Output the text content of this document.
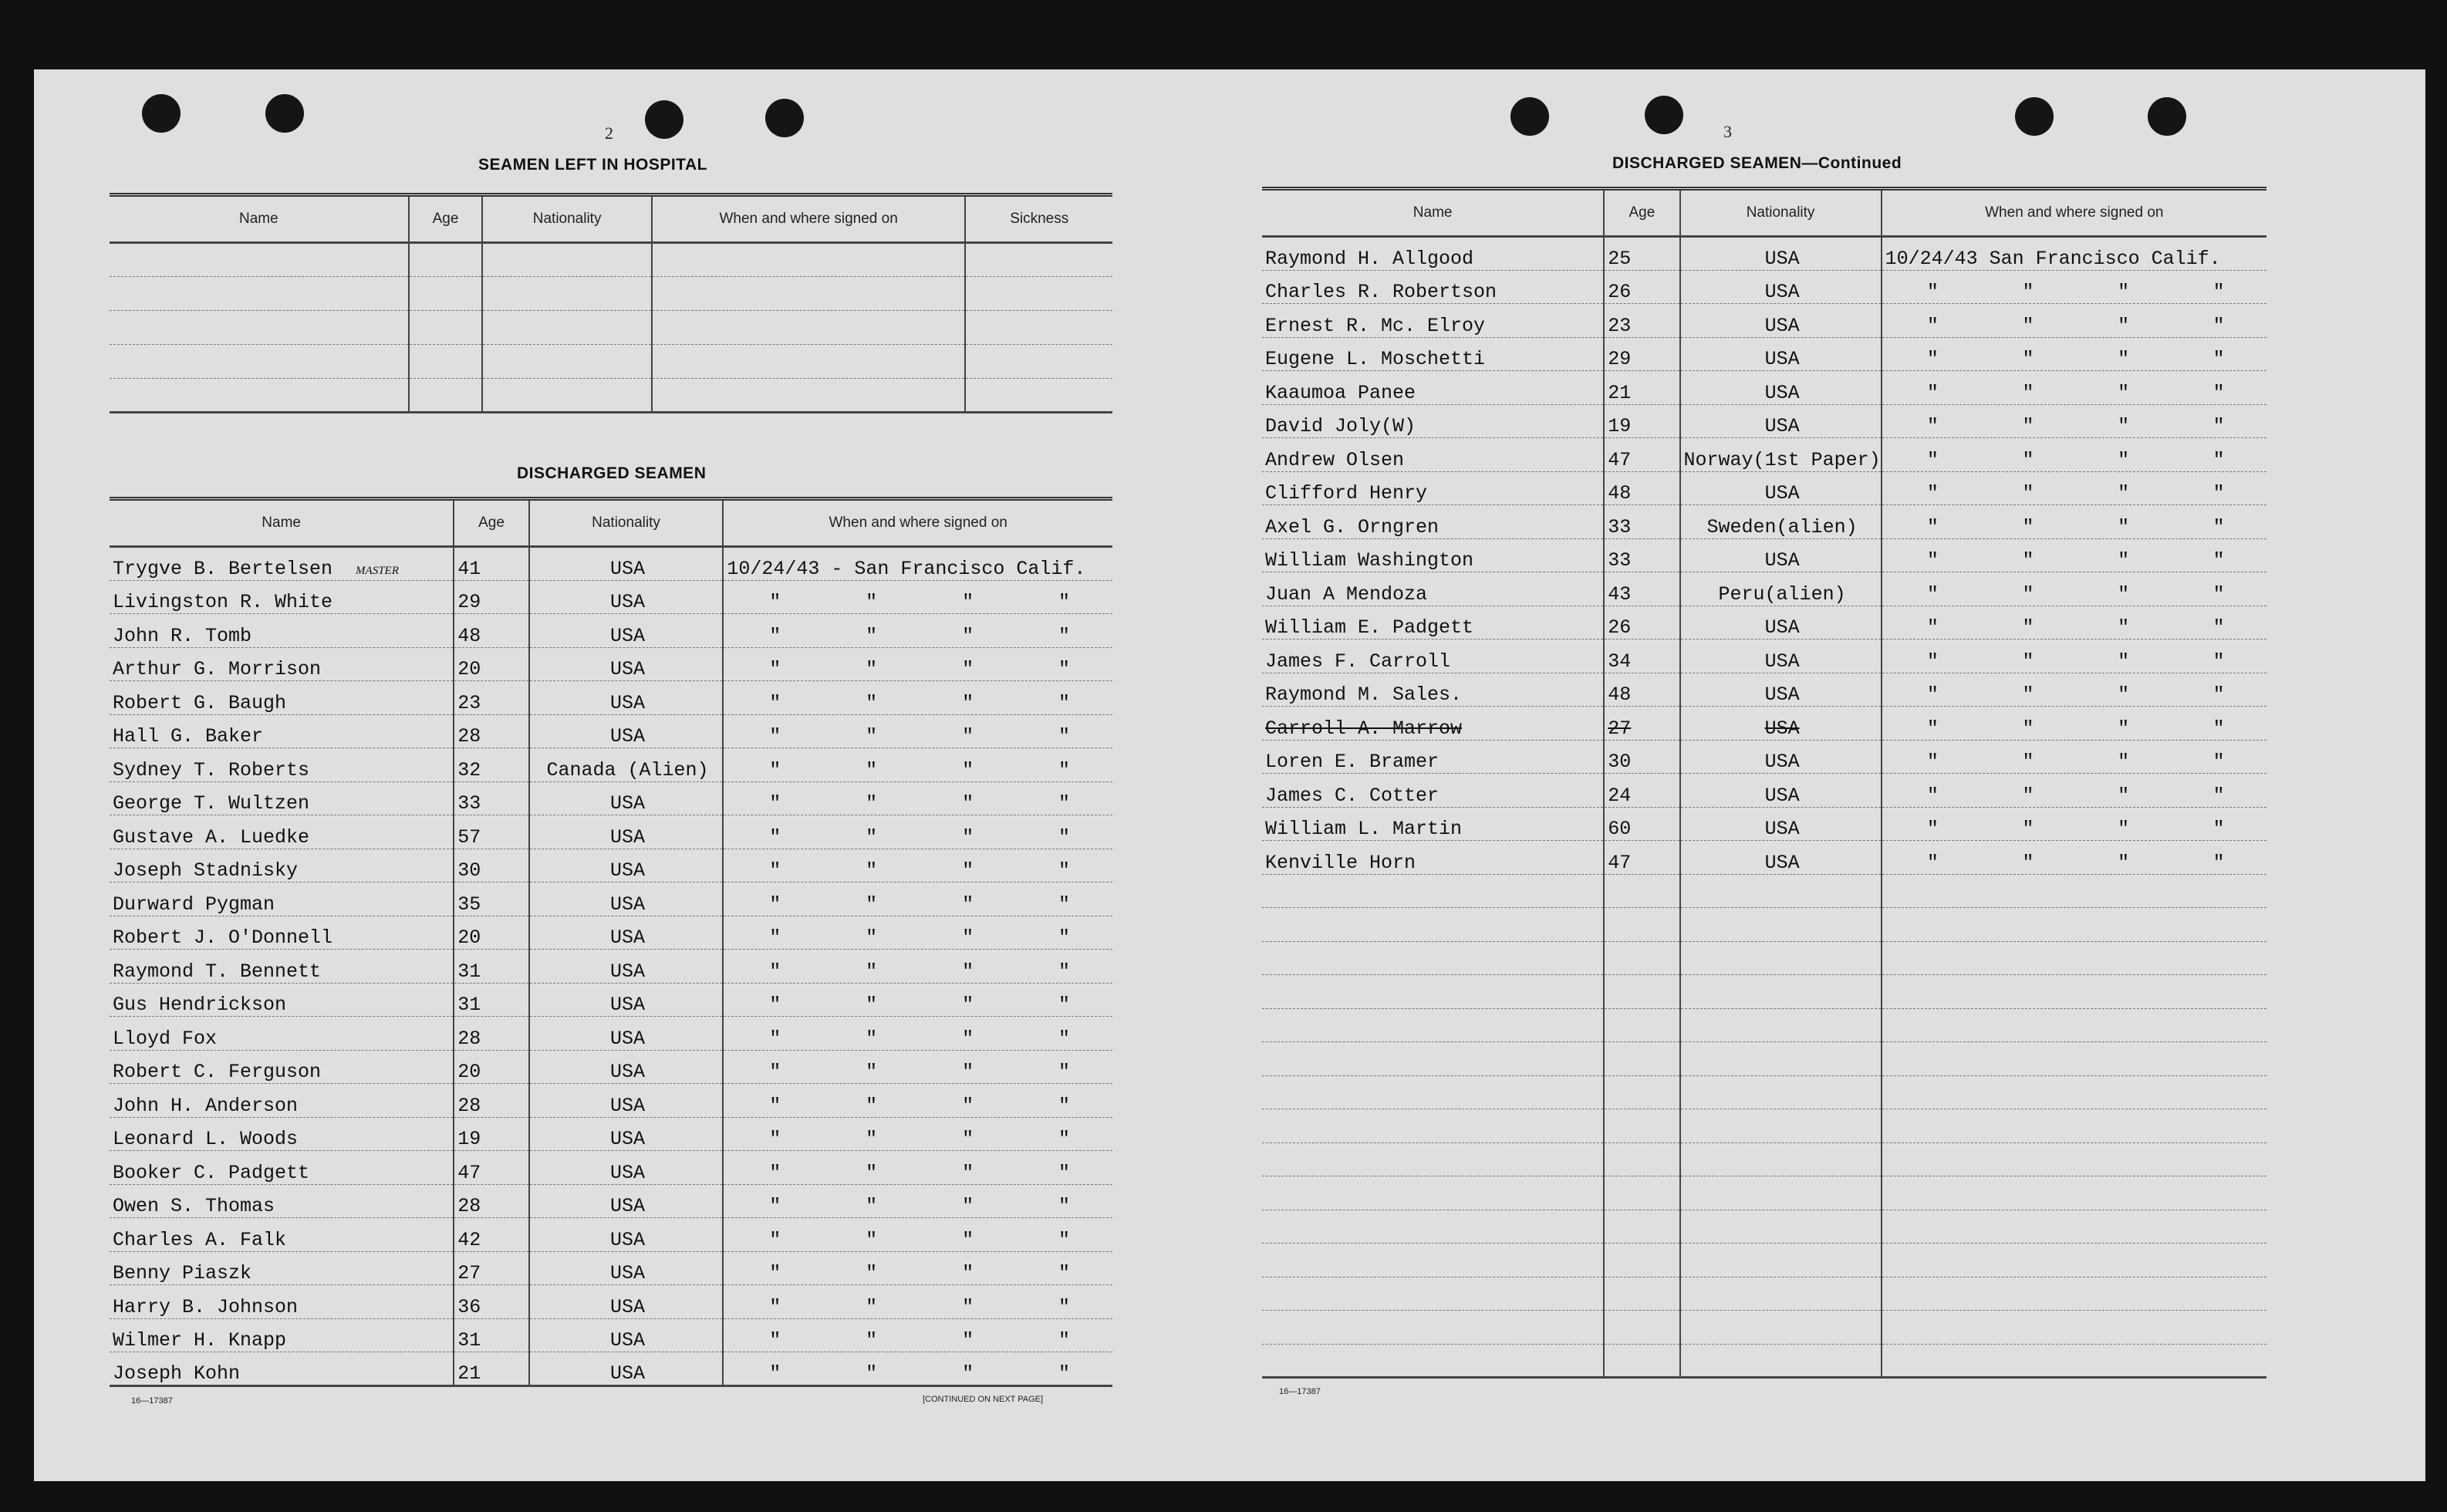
2
SEAMEN LEFT IN HOSPITAL
Name	Age	Nationality	When and where signed on	Sickness

DISCHARGED SEAMEN
Name	Age	Nationality	When and where signed on
Trygve B. Bertelsen MASTER	41	USA	10/24/43 - San Francisco Calif.
Livingston R. White	29	USA	" " " "

John R. Tomb	48	USA	" " " "

Arthur G. Morrison	20	USA	" " " "

Robert G. Baugh	23	USA	" " " "

Hall G. Baker	28	USA	" " " "

Sydney T. Roberts	32	Canada (Alien)	" " " "

George T. Wultzen	33	USA	" " " "

Gustave A. Luedke	57	USA	" " " "

Joseph Stadnisky	30	USA	" " " "

Durward Pygman	35	USA	" " " "

Robert J. O'Donnell	20	USA	" " " "

Raymond T. Bennett	31	USA	" " " "

Gus Hendrickson	31	USA	" " " "

Lloyd Fox	28	USA	" " " "

Robert C. Ferguson	20	USA	" " " "

John H. Anderson	28	USA	" " " "

Leonard L. Woods	19	USA	" " " "

Booker C. Padgett	47	USA	" " " "

Owen S. Thomas	28	USA	" " " "

Charles A. Falk	42	USA	" " " "

Benny Piaszk	27	USA	" " " "

Harry B. Johnson	36	USA	" " " "

Wilmer H. Knapp	31	USA	" " " "

Joseph Kohn	21	USA	" " " "
16—17387	[CONTINUED ON NEXT PAGE]
3
DISCHARGED SEAMEN—Continued
Name	Age	Nationality	When and where signed on
Raymond H. Allgood	25	USA	10/24/43 San Francisco Calif.
Charles R. Robertson	26	USA	" " " "

Ernest R. Mc. Elroy	23	USA	" " " "

Eugene L. Moschetti	29	USA	" " " "

Kaaumoa Panee	21	USA	" " " "

David Joly(W)	19	USA	" " " "

Andrew Olsen	47	Norway(1st Paper)	" " " "

Clifford Henry	48	USA	" " " "

Axel G. Orngren	33	Sweden(alien)	" " " "

William Washington	33	USA	" " " "

Juan A Mendoza	43	Peru(alien)	" " " "

William E. Padgett	26	USA	" " " "

James F. Carroll	34	USA	" " " "

Raymond M. Sales.	48	USA	" " " "

Carroll A. Marrow	27	USA	" " " "

Loren E. Bramer	30	USA	" " " "

James C. Cotter	24	USA	" " " "

William L. Martin	60	USA	" " " "

Kenville Horn	47	USA	" " " "

16—17387
